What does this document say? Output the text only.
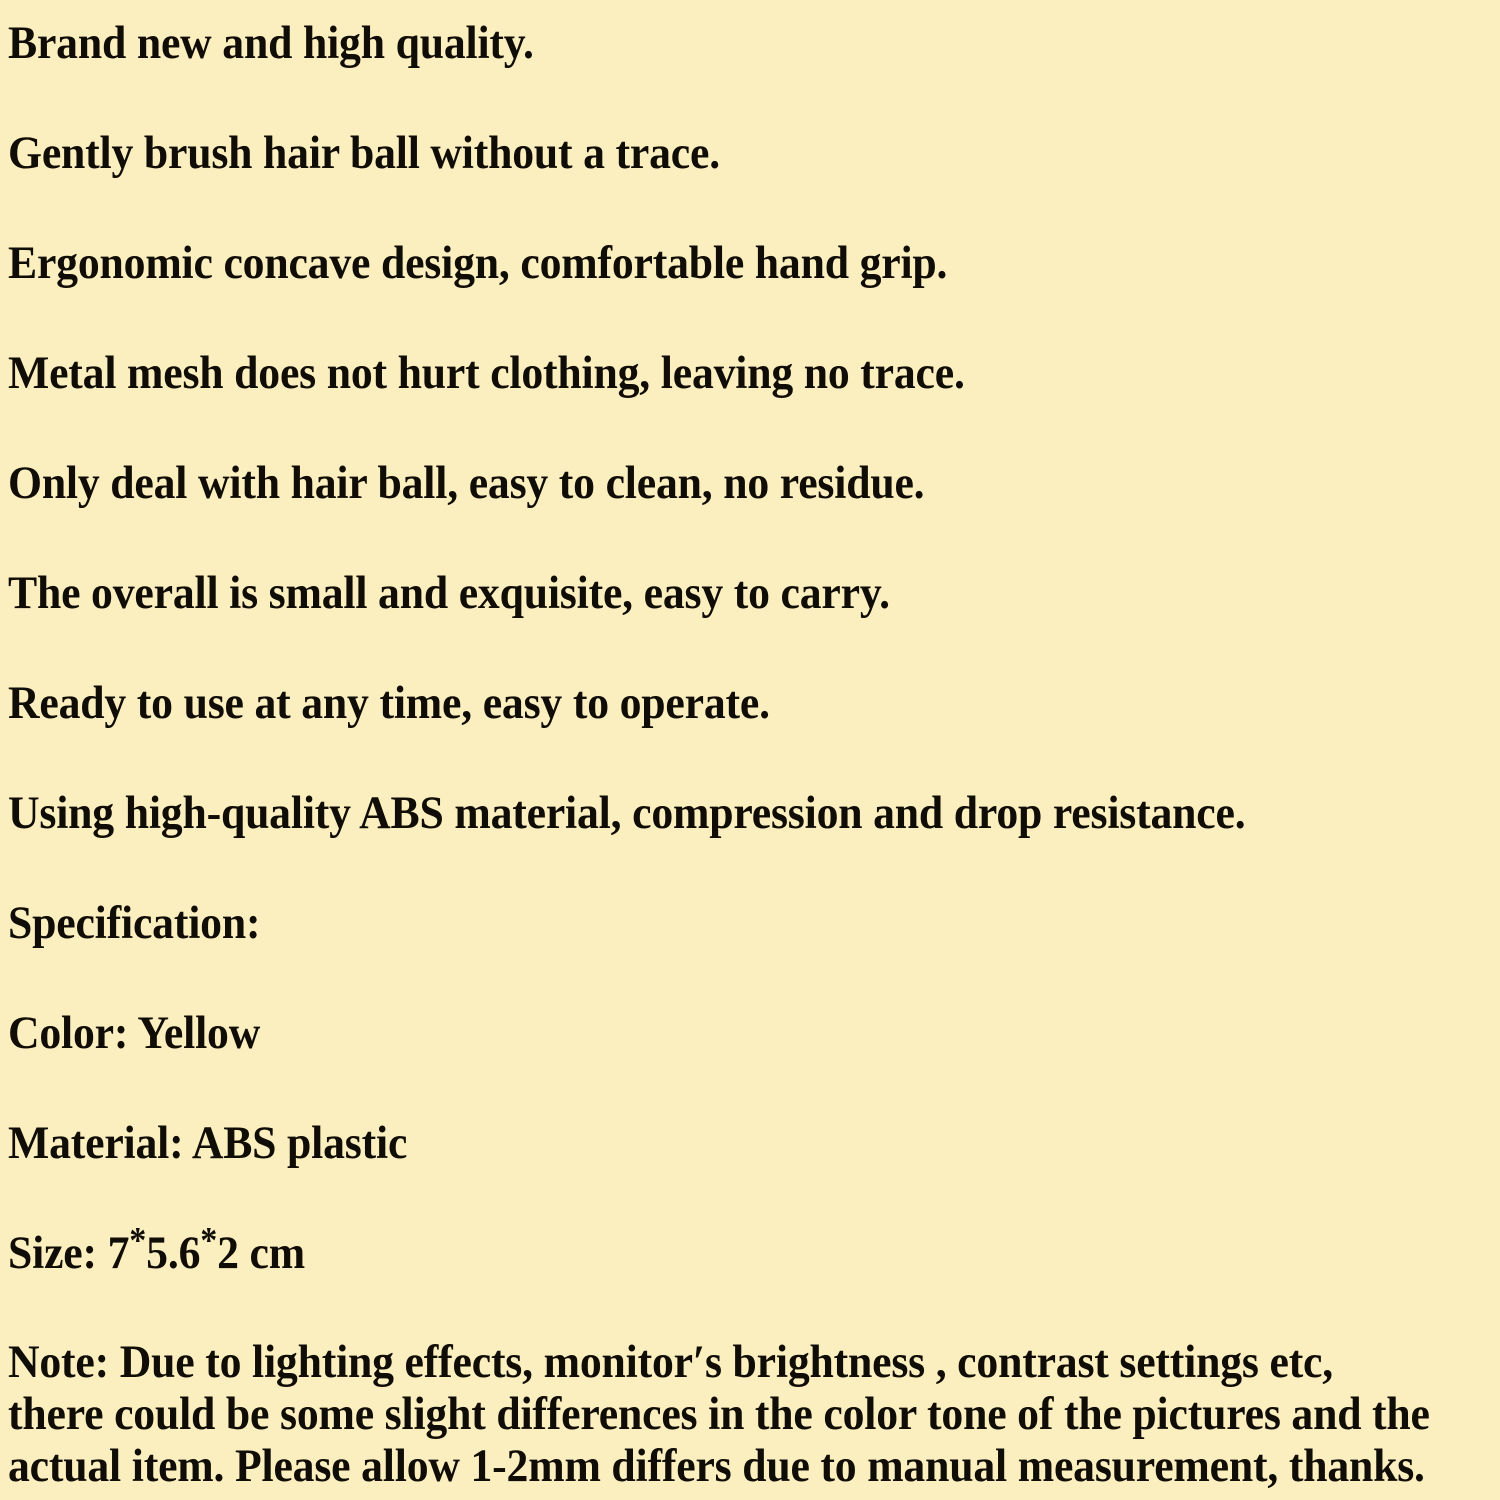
Brand new and high quality.
Gently brush hair ball without a trace.
Ergonomic concave design, comfortable hand grip.
Metal mesh does not hurt clothing, leaving no trace.
Only deal with hair ball, easy to clean, no residue.
The overall is small and exquisite, easy to carry.
Ready to use at any time, easy to operate.
Using high-quality ABS material, compression and drop resistance.
Specification:
Color: Yellow
Material: ABS plastic
Size: 7*5.6*2 cm
Note: Due to lighting effects, monitor′s brightness , contrast settings etc, there could be some slight differences in the color tone of the pictures and the actual item. Please allow 1-2mm differs due to manual measurement, thanks.
